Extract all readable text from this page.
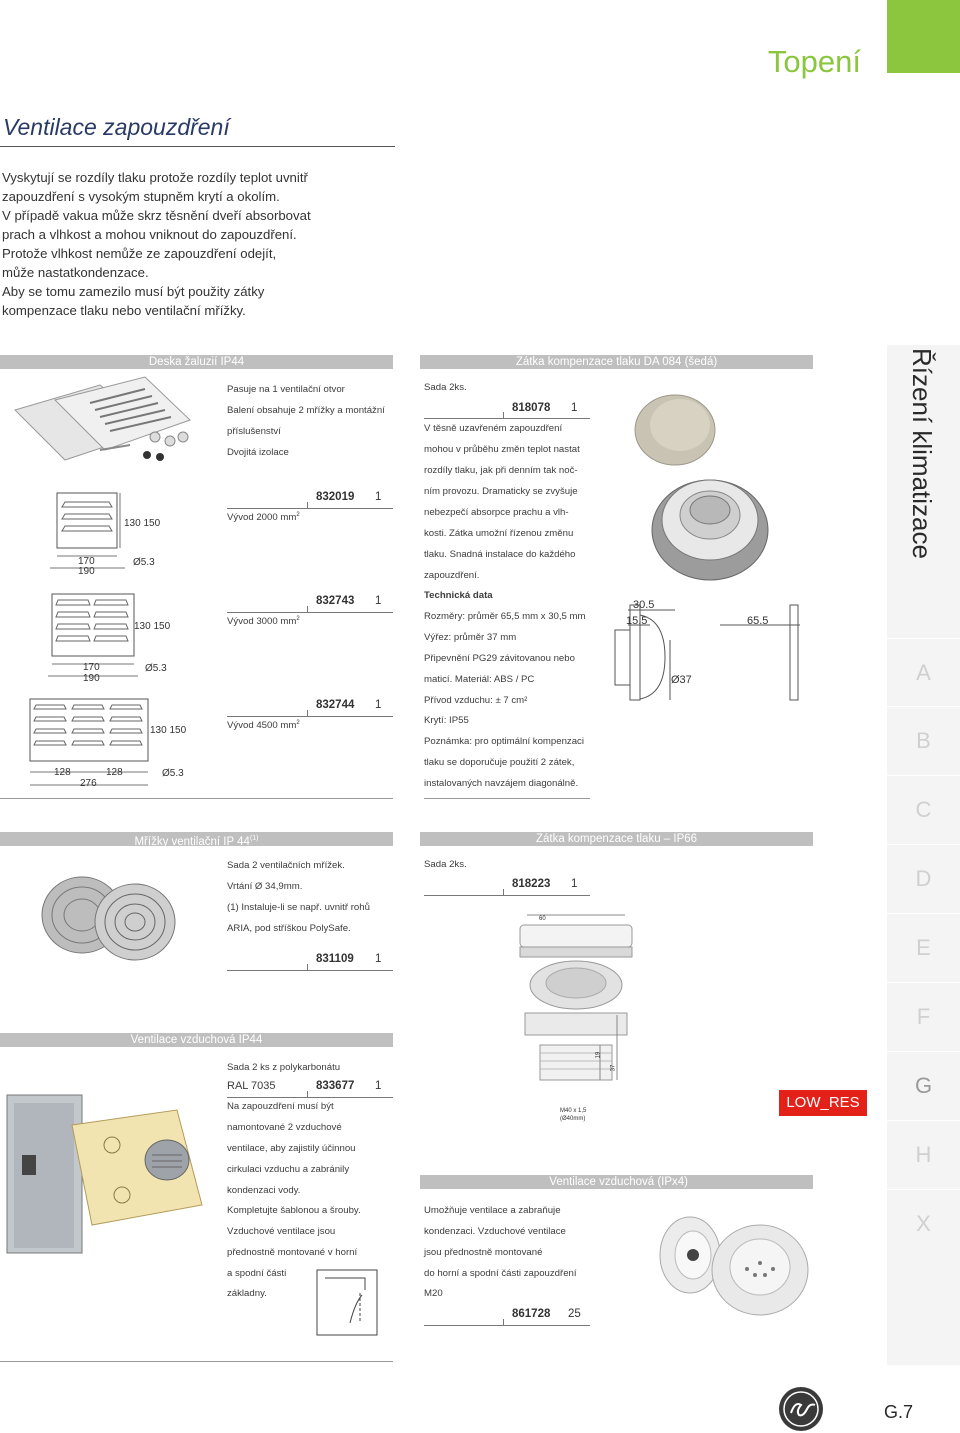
Topení
Ventilace zapouzdření
Vyskytují se rozdíly tlaku protože rozdíly teplot uvnitř
zapouzdření s vysokým stupněm krytí a okolím.
V případě vakua může skrz těsnění dveří absorbovat
prach a vlhkost a mohou vniknout do zapouzdření.
Protože vlhkost nemůže ze zapouzdření odejít,
může nastatkondenzace.
Aby se tomu zamezilo musí být použity zátky
kompenzace tlaku nebo ventilační mřížky.
Řízení klimatizace
A
B
C
D
E
F
G
H
X
Deska žaluzií IP44
130 150
170
190
Ø5.3
130 150
170
190
Ø5.3
130 150
128	128
276
Ø5.3
Pasuje na 1 ventilační otvor
Balení obsahuje 2 mřížky a montážní
příslušenství
Dvojitá izolace
Vývod 2000 $mm^2$
832019 1
Vývod 3000 $mm^2$
832743 1
Vývod 4500 $mm^2$
832744 1
Zátka kompenzace tlaku DA 084 (šedá)
Sada 2ks.
818078 1
V těsně uzavřeném zapouzdření
mohou v průběhu změn teplot nastat
rozdíly tlaku, jak při denním tak noč-
ním provozu. Dramaticky se zvyšuje
nebezpečí absorpce prachu a vlh-
kosti. Zátka umožní řízenou změnu
tlaku. Snadná instalace do každého
zapouzdření.
Technická data
Rozměry: průměr 65,5 mm x 30,5 mm
Výřez: průměr 37 mm
Připevnění PG29 závitovanou nebo
maticí. Materiál: ABS / PC
Přívod vzduchu: ± 7 cm²
Krytí: IP55
Poznámka: pro optimální kompenzaci
tlaku se doporučuje použití 2 zátek,
instalovaných navzájem diagonálně.
30.5
15.5	65.5
Ø37
Mřížky ventilační IP 44$^{(1)}$
Sada 2 ventilačních mřížek.
Vrtání Ø 34,9mm.
(1) Instaluje-li se např. uvnitř rohů
ARIA, pod stříškou PolySafe.
831109 1
Zátka kompenzace tlaku – IP66
Sada 2ks.
818223 1
60
19
37
M40 x 1,5
(Ø40mm)
Ventilace vzduchová IP44
Sada 2 ks z polykarbonátu
RAL 7035	833677 1
Na zapouzdření musí být
namontované 2 vzduchové
ventilace, aby zajistily účinnou
cirkulaci vzduchu a zabránily
kondenzaci vody.
Kompletujte šablonou a šrouby.
Vzduchové ventilace jsou
přednostně montované v horní
a spodní části
základny.
Ventilace vzduchová (IPx4)
Umožňuje ventilace a zabraňuje
kondenzaci. Vzduchové ventilace
jsou přednostně montované
do horní a spodní části zapouzdření
M20
861728 25
LOW_RES
G.7
